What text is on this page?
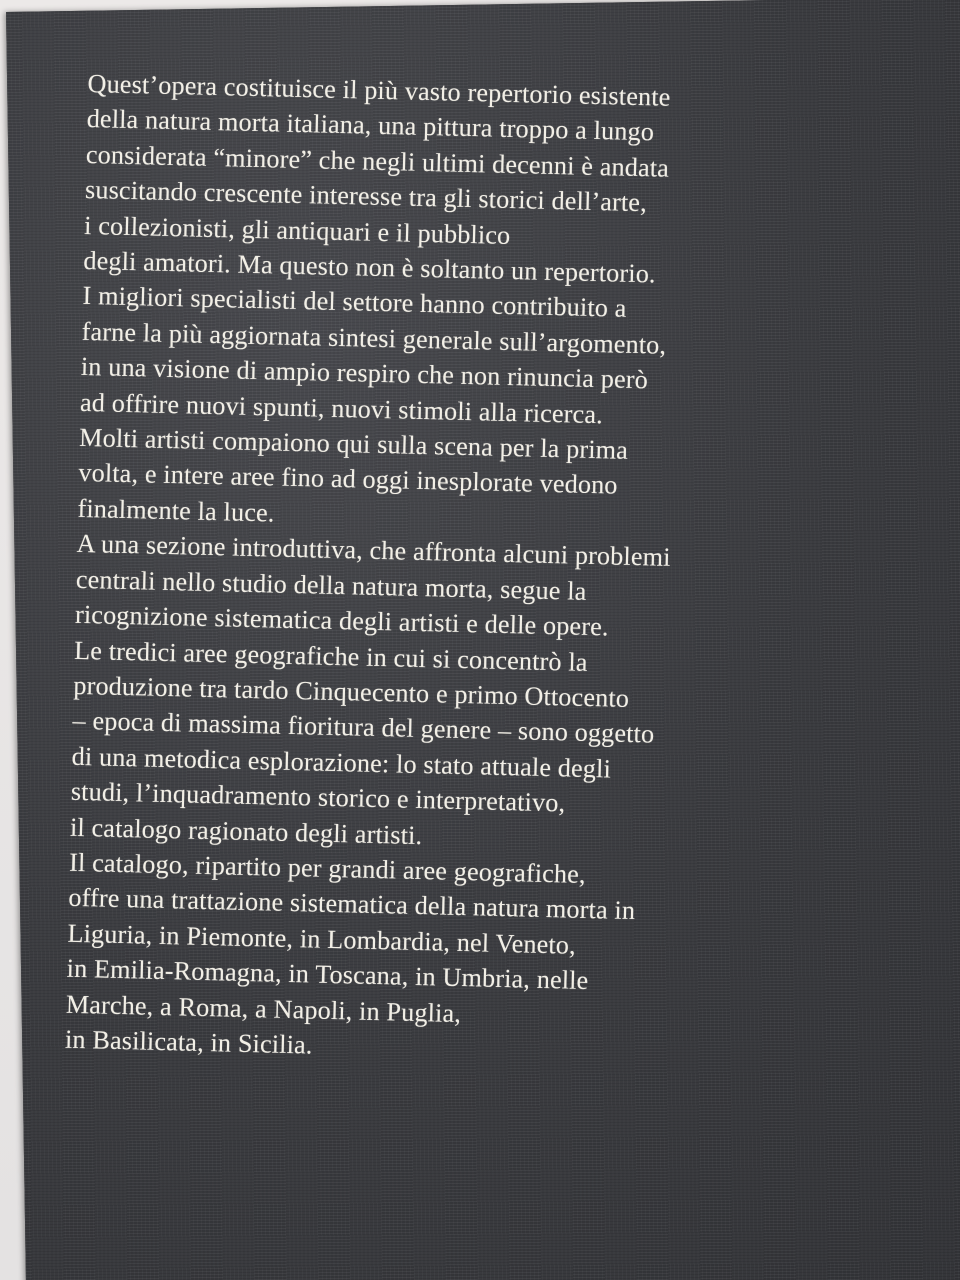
Quest’opera costituisce il più vasto repertorio esistente
della natura morta italiana, una pittura troppo a lungo
considerata “minore” che negli ultimi decenni è andata
suscitando crescente interesse tra gli storici dell’arte,
i collezionisti, gli antiquari e il pubblico
degli amatori. Ma questo non è soltanto un repertorio.
I migliori specialisti del settore hanno contribuito a
farne la più aggiornata sintesi generale sull’argomento,
in una visione di ampio respiro che non rinuncia però
ad offrire nuovi spunti, nuovi stimoli alla ricerca.
Molti artisti compaiono qui sulla scena per la prima
volta, e intere aree fino ad oggi inesplorate vedono
finalmente la luce.
A una sezione introduttiva, che affronta alcuni problemi
centrali nello studio della natura morta, segue la
ricognizione sistematica degli artisti e delle opere.
Le tredici aree geografiche in cui si concentrò la
produzione tra tardo Cinquecento e primo Ottocento
– epoca di massima fioritura del genere – sono oggetto
di una metodica esplorazione: lo stato attuale degli
studi, l’inquadramento storico e interpretativo,
il catalogo ragionato degli artisti.
Il catalogo, ripartito per grandi aree geografiche,
offre una trattazione sistematica della natura morta in
Liguria, in Piemonte, in Lombardia, nel Veneto,
in Emilia-Romagna, in Toscana, in Umbria, nelle
Marche, a Roma, a Napoli, in Puglia,
in Basilicata, in Sicilia.
